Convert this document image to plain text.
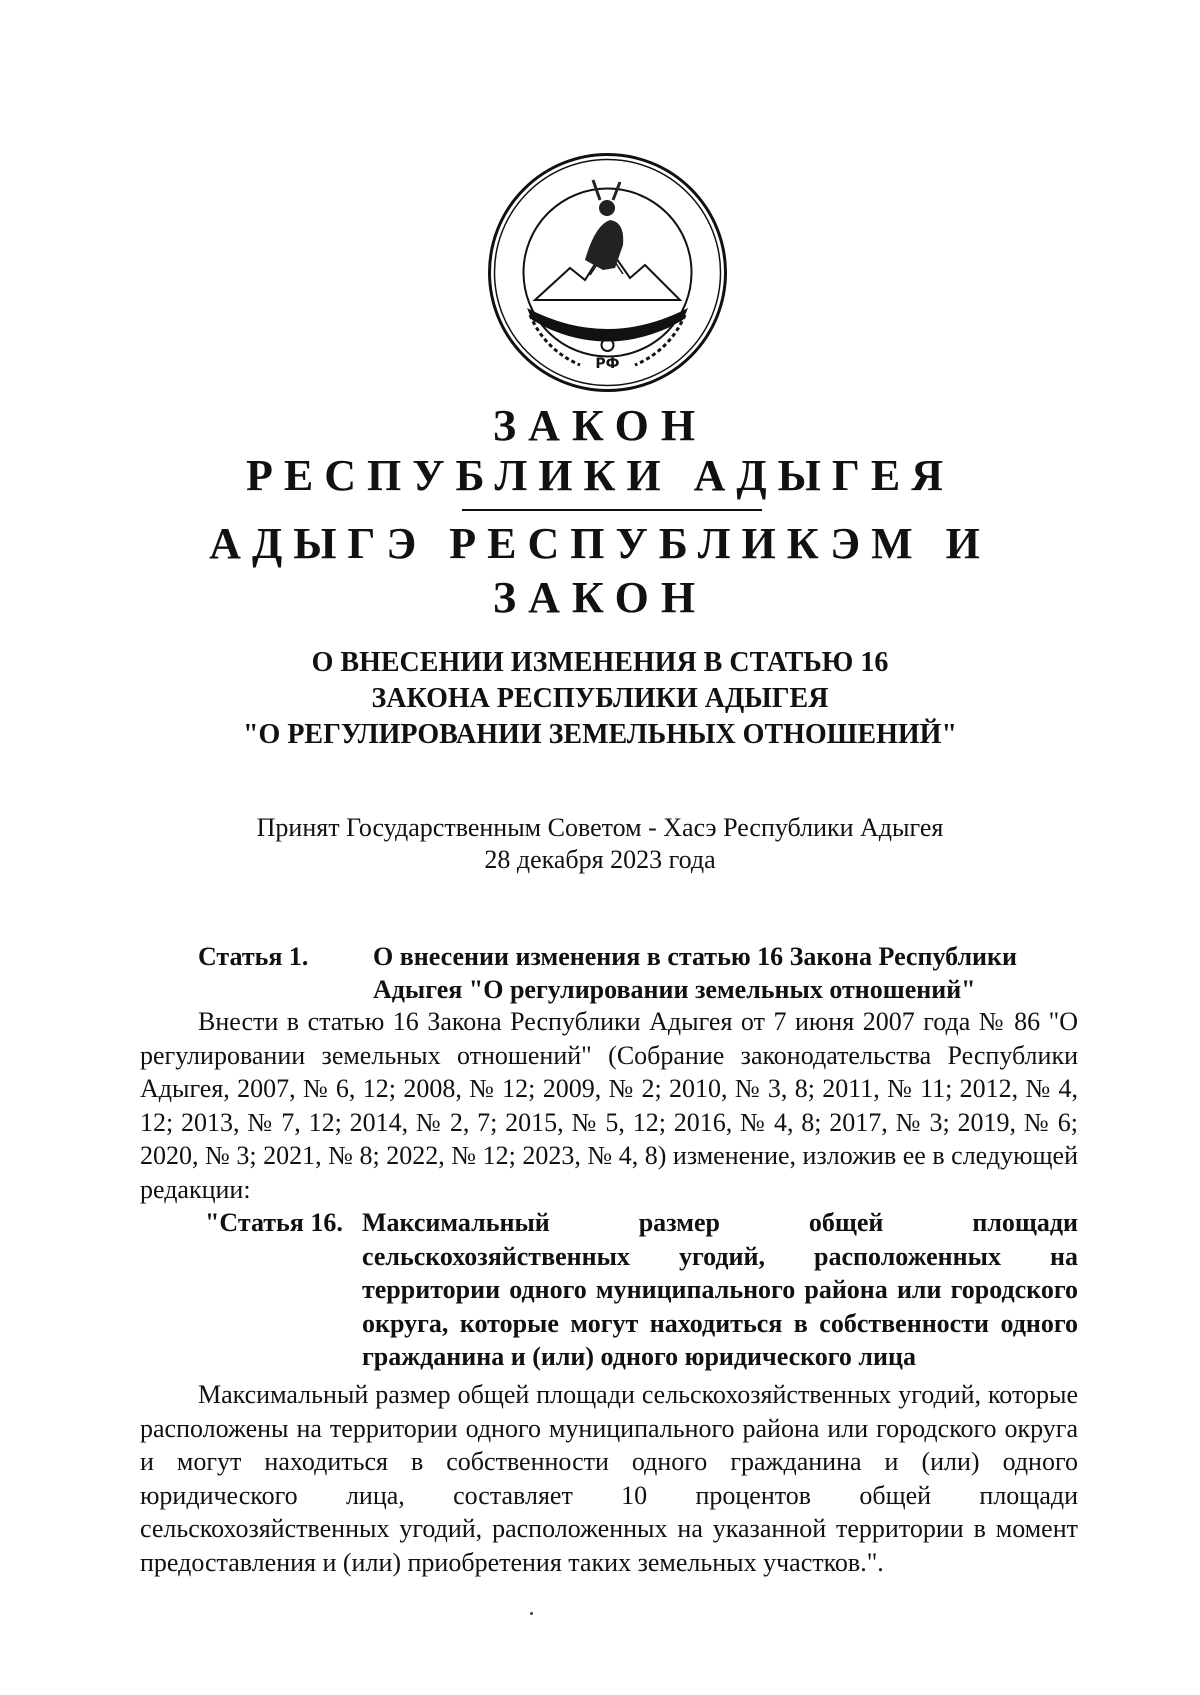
РФ
ЗАКОН
РЕСПУБЛИКИ АДЫГЕЯ
АДЫГЭ РЕСПУБЛИКЭМ И
ЗАКОН
О ВНЕСЕНИИ ИЗМЕНЕНИЯ В СТАТЬЮ 16
ЗАКОНА РЕСПУБЛИКИ АДЫГЕЯ
"О РЕГУЛИРОВАНИИ ЗЕМЕЛЬНЫХ ОТНОШЕНИЙ"
Принят Государственным Советом - Хасэ Республики Адыгея
28 декабря 2023 года
Статья 1. О внесении изменения в статью 16 Закона Республики Адыгея "О регулировании земельных отношений"
Внести в статью 16 Закона Республики Адыгея от 7 июня 2007 года № 86 "О регулировании земельных отношений" (Собрание законодательства Республики Адыгея, 2007, № 6, 12; 2008, № 12; 2009, № 2; 2010, № 3, 8; 2011, № 11; 2012, № 4, 12; 2013, № 7, 12; 2014, № 2, 7; 2015, № 5, 12; 2016, № 4, 8; 2017, № 3; 2019, № 6; 2020, № 3; 2021, № 8; 2022, № 12; 2023, № 4, 8) изменение, изложив ее в следующей редакции:
"Статья 16. Максимальный размер общей площади сельскохозяйственных угодий, расположенных на территории одного муниципального района или городского округа, которые могут находиться в собственности одного гражданина и (или) одного юридического лица
Максимальный размер общей площади сельскохозяйственных угодий, которые расположены на территории одного муниципального района или городского округа и могут находиться в собственности одного гражданина и (или) одного юридического лица, составляет 10 процентов общей площади сельскохозяйственных угодий, расположенных на указанной территории в момент предоставления и (или) приобретения таких земельных участков.".
